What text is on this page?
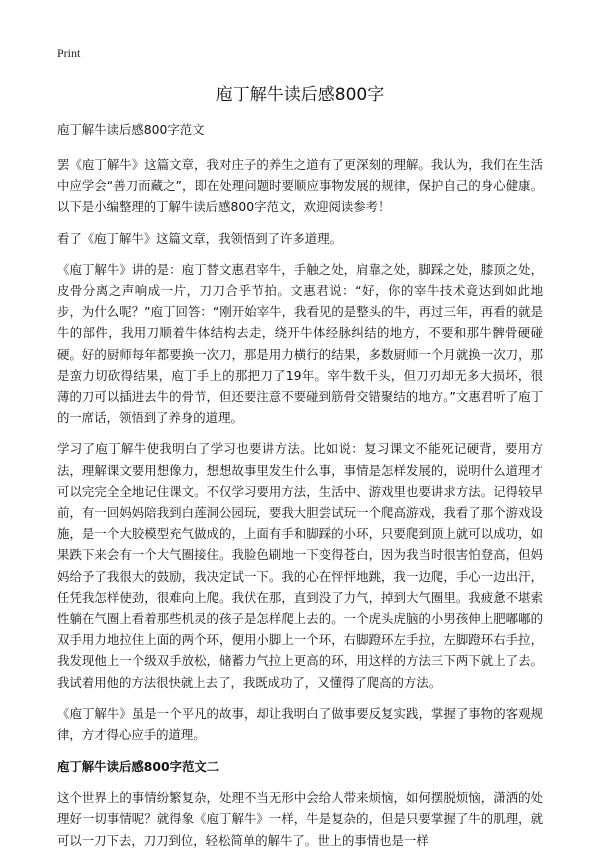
Print
庖丁解牛读后感800字
庖丁解牛读后感800字范文

罢《庖丁解牛》这篇文章，我对庄子的养生之道有了更深刻的理解。我认为，我们在生活中应学会“善刀而藏之”，即在处理问题时要顺应事物发展的规律，保护自己的身心健康。以下是小编整理的丁解牛读后感800字范文，欢迎阅读参考！

看了《庖丁解牛》这篇文章，我领悟到了许多道理。

《庖丁解牛》讲的是：庖丁替文惠君宰牛，手触之处，肩靠之处，脚踩之处，膝顶之处，皮骨分离之声响成一片，刀刀合乎节拍。文惠君说：“好，你的宰牛技术竟达到如此地步，为什么呢？”庖丁回答：“刚开始宰牛，我看见的是整头的牛，再过三年，再看的就是牛的部件，我用刀顺着牛体结构去走，绕开牛体经脉纠结的地方，不要和那牛髀骨硬碰硬。好的厨师每年都要换一次刀，那是用力横行的结果，多数厨师一个月就换一次刀，那是蛮力切砍得结果，庖丁手上的那把刀了19年。宰牛数千头，但刀刃却无多大损坏，很薄的刀可以插进去牛的骨节，但还要注意不要碰到筋骨交错聚结的地方。”文惠君听了庖丁的一席话，领悟到了养身的道理。

学习了庖丁解牛使我明白了学习也要讲方法。比如说：复习课文不能死记硬背，要用方法，理解课文要用想像力，想想故事里发生什么事，事情是怎样发展的，说明什么道理才可以完完全全地记住课文。不仅学习要用方法，生活中、游戏里也要讲求方法。记得较早前，有一回妈妈陪我到白莲洞公园玩，要我大胆尝试玩一个爬高游戏，我看了那个游戏设施，是一个大胶模型充气做成的，上面有手和脚踩的小环，只要爬到顶上就可以成功，如果跌下来会有一个大气圈接住。我脸色刷地一下变得苍白，因为我当时很害怕登高，但妈妈给予了我很大的鼓励，我决定试一下。我的心在怦怦地跳，我一边爬，手心一边出汗，任凭我怎样使劲，很难向上爬。我伏在那，直到没了力气，掉到大气圈里。我疲惫不堪索性躺在气圈上看着那些机灵的孩子是怎样爬上去的。一个虎头虎脑的小男孩伸上肥嘟嘟的双手用力地拉住上面的两个环，便用小脚上一个环，右脚蹬环左手拉，左脚蹬环右手拉，我发现他上一个级双手放松，储蓄力气拉上更高的环，用这样的方法三下两下就上了去。我试着用他的方法很快就上去了，我既成功了，又懂得了爬高的方法。

《庖丁解牛》虽是一个平凡的故事，却让我明白了做事要反复实践，掌握了事物的客观规律，方才得心应手的道理。

庖丁解牛读后感800字范文二

这个世界上的事情纷繁复杂，处理不当无形中会给人带来烦恼，如何摆脱烦恼，潇洒的处理好一切事情呢？就得象《庖丁解牛》一样，牛是复杂的，但是只要掌握了牛的肌理，就可以一刀下去，刀刀到位，轻松简单的解牛了。世上的事情也是一样
